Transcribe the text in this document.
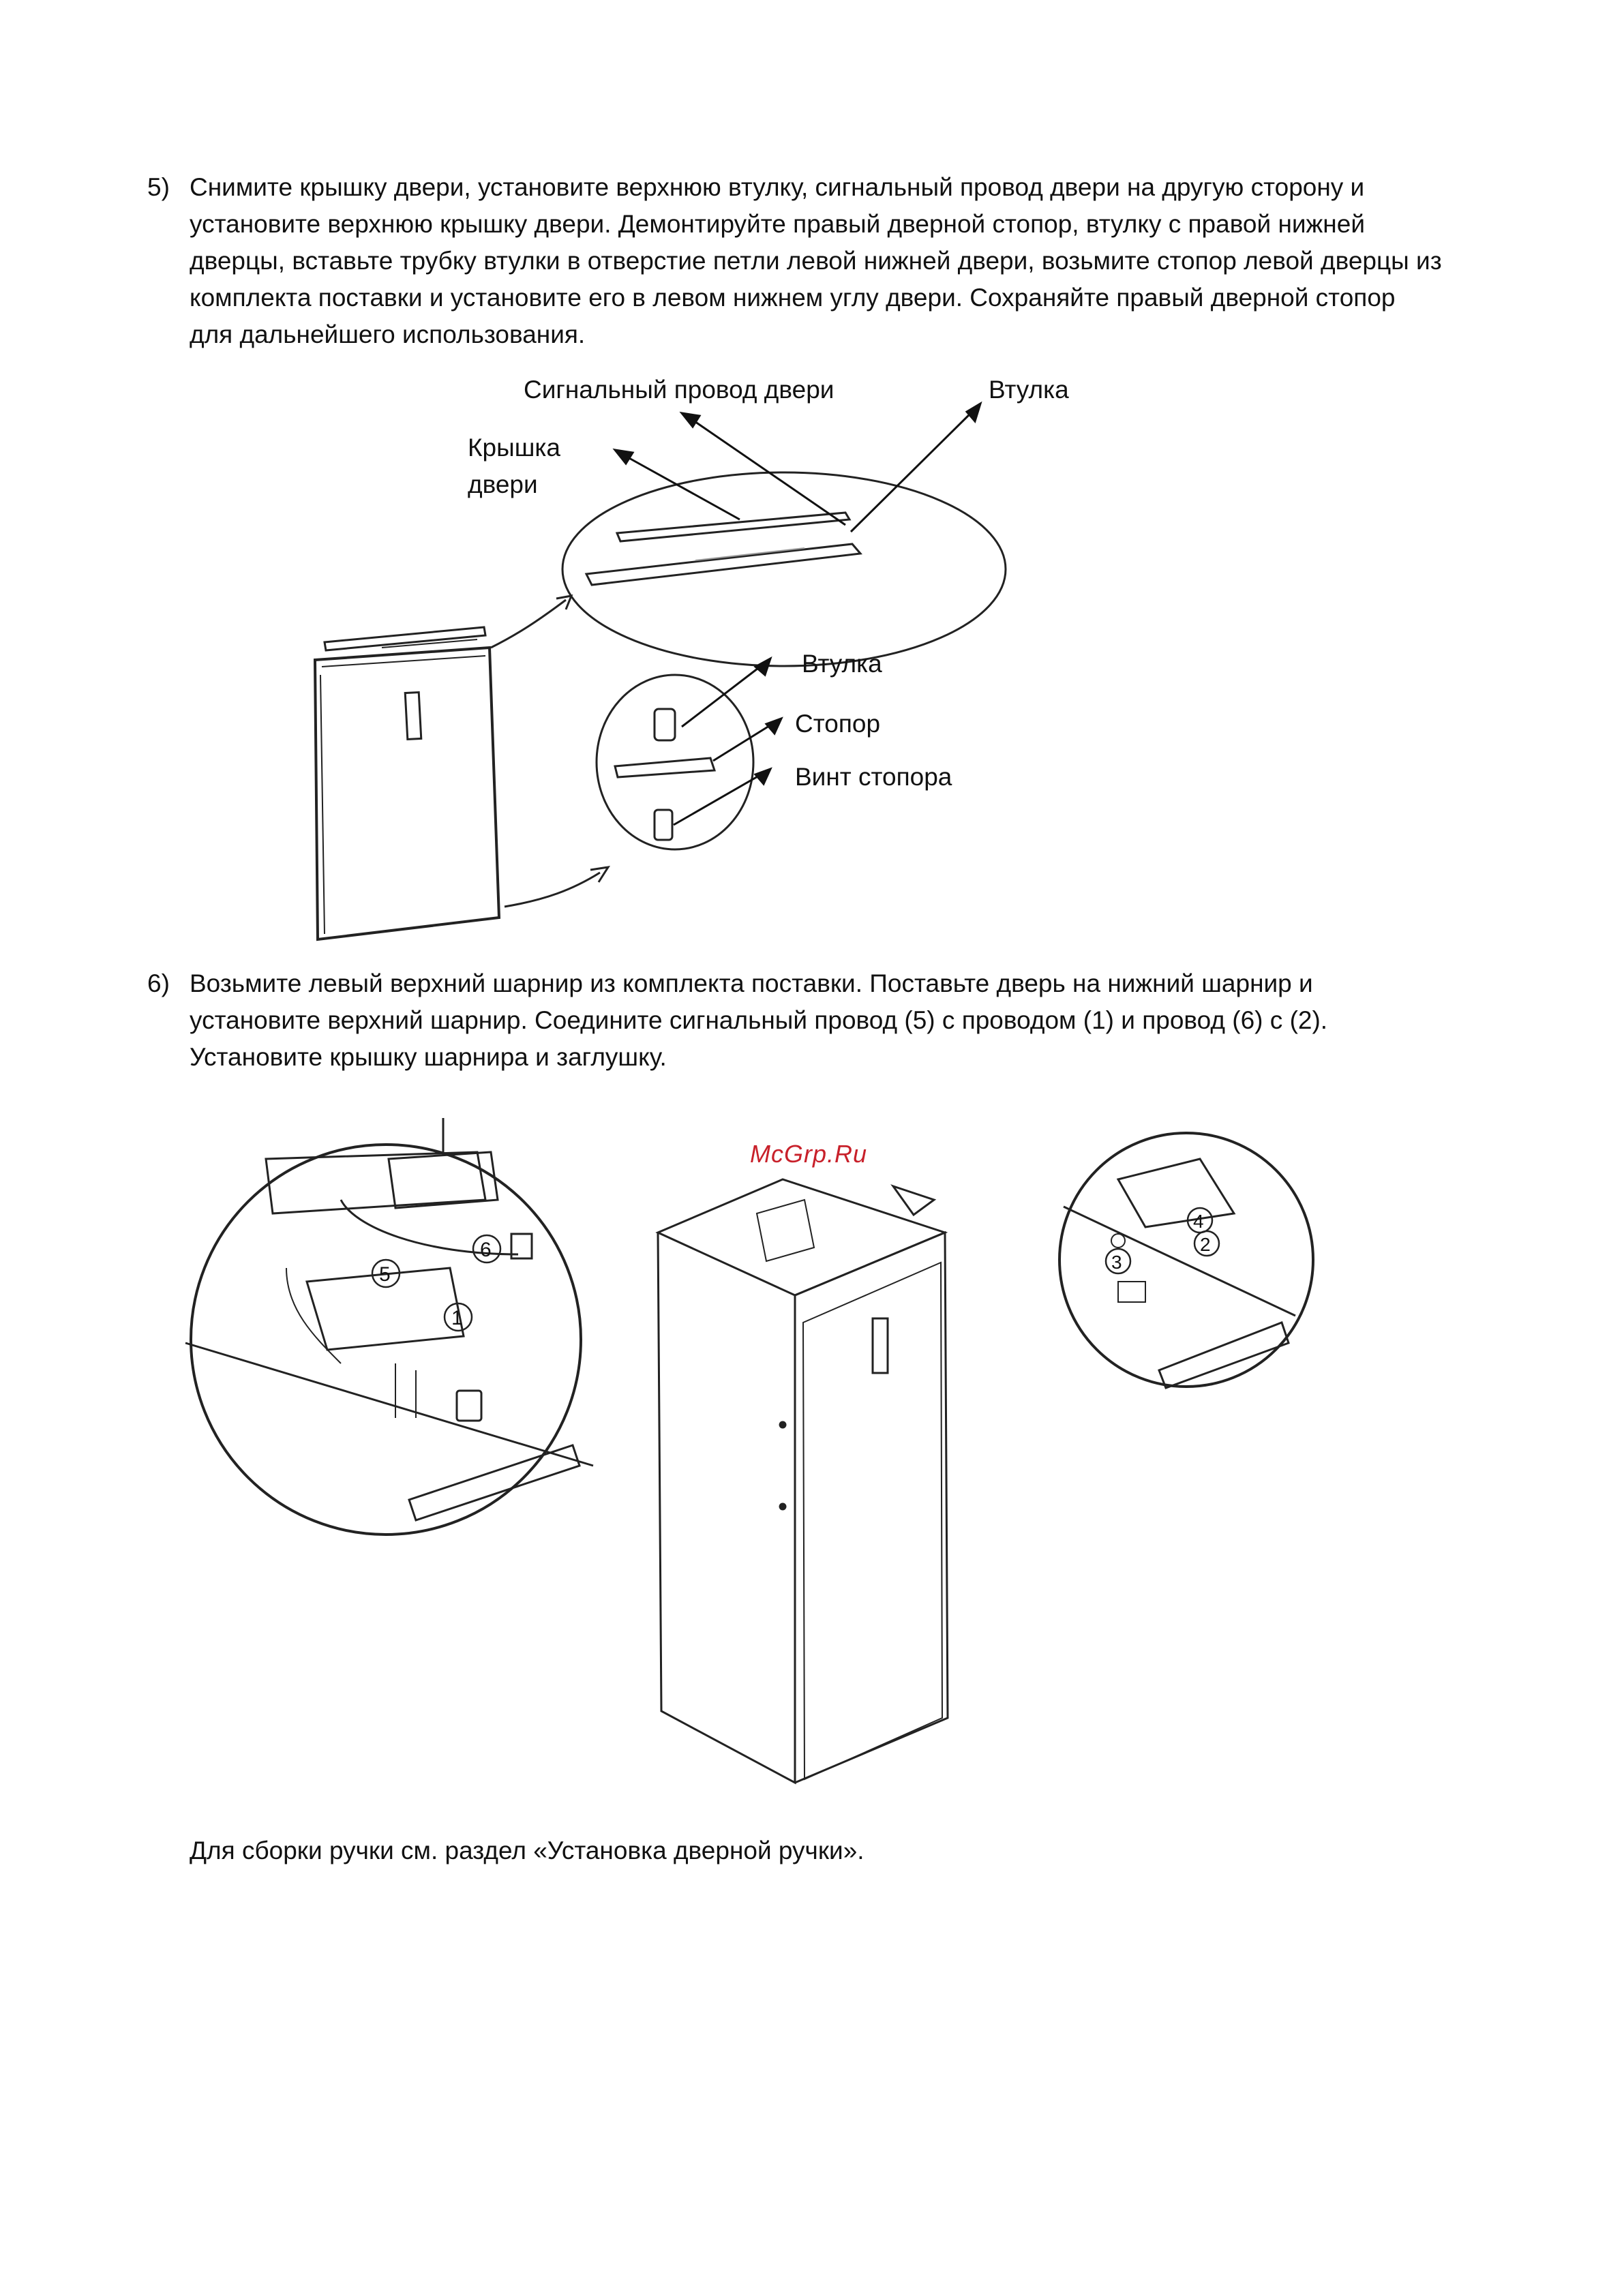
5) Снимите крышку двери, установите верхнюю втулку, сигнальный провод двери на другую сторону и установите верхнюю крышку двери. Демонтируйте правый дверной стопор, втулку с правой нижней дверцы, вставьте трубку втулки в отверстие петли левой нижней двери, возьмите стопор левой дверцы из комплекта поставки и установите его в левом нижнем углу двери. Сохраняйте правый дверной стопор для дальнейшего использования.
Сигнальный провод двери	Втулка
Крышка двери
Втулка
Стопор
Винт стопора
6) Возьмите левый верхний шарнир из комплекта поставки. Поставьте дверь на нижний шарнир и установите верхний шарнир. Соедините сигнальный провод (5) с проводом (1) и провод (6) с (2). Установите крышку шарнира и заглушку.
5
1
6
4
2
3
McGrp.Ru
Для сборки ручки см. раздел «Установка дверной ручки».
